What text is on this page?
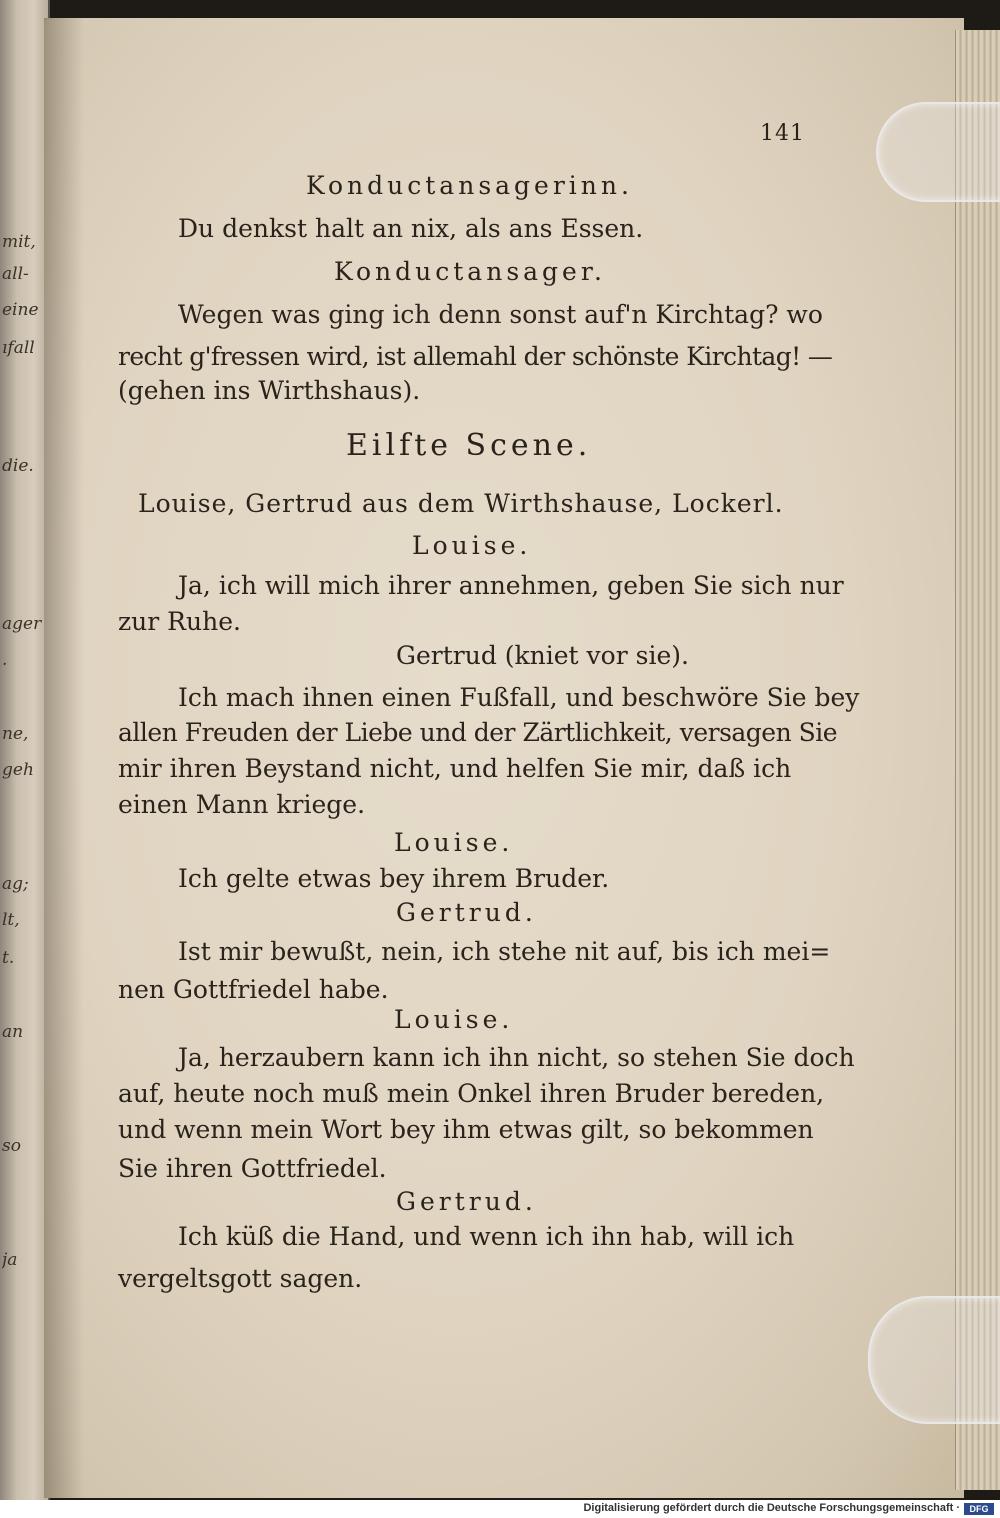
mit,
all-
eine
ıfall
die.
ager
.
ne,
geh
ag;
lt,
t.
an
so
ja
141
Konductansagerinn.
Du denkst halt an nix, als ans Essen.
Konductansager.
Wegen was ging ich denn sonst auf'n Kirchtag? wo
recht g'fressen wird, ist allemahl der schönste Kirchtag! —
(gehen ins Wirthshaus).
Eilfte Scene.
Louise, Gertrud aus dem Wirthshause, Lockerl.
Louise.
Ja, ich will mich ihrer annehmen, geben Sie sich nur
zur Ruhe.
Gertrud (kniet vor sie).
Ich mach ihnen einen Fußfall, und beschwöre Sie bey
allen Freuden der Liebe und der Zärtlichkeit, versagen Sie
mir ihren Beystand nicht, und helfen Sie mir, daß ich
einen Mann kriege.
Louise.
Ich gelte etwas bey ihrem Bruder.
Gertrud.
Ist mir bewußt, nein, ich stehe nit auf, bis ich mei=
nen Gottfriedel habe.
Louise.
Ja, herzaubern kann ich ihn nicht, so stehen Sie doch
auf, heute noch muß mein Onkel ihren Bruder bereden,
und wenn mein Wort bey ihm etwas gilt, so bekommen
Sie ihren Gottfriedel.
Gertrud.
Ich küß die Hand, und wenn ich ihn hab, will ich
vergeltsgott sagen.
Digitalisierung gefördert durch die Deutsche Forschungsgemeinschaft ·	DFG
